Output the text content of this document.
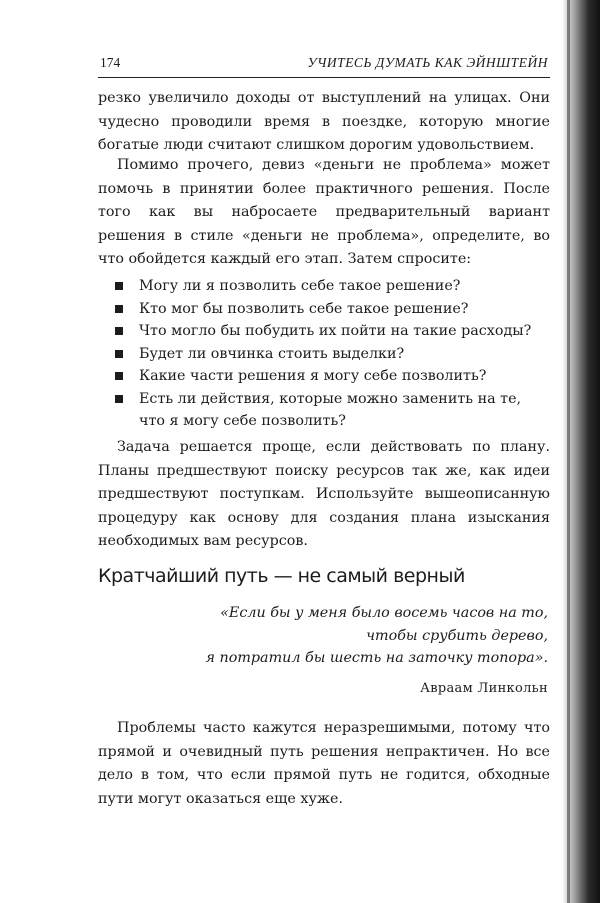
174	УЧИТЕСЬ ДУМАТЬ КАК ЭЙНШТЕЙН

резко увеличило доходы от выступлений на улицах. Они чудесно проводили время в поездке, которую многие богатые люди считают слишком дорогим удовольствием.

Помимо прочего, девиз «деньги не проблема» может помочь в принятии более практичного решения. После того как вы набросаете предварительный вариант решения в стиле «деньги не проблема», определите, во что обойдется каждый его этап. Затем спросите:

Могу ли я позволить себе такое решение?
Кто мог бы позволить себе такое решение?
Что могло бы побудить их пойти на такие расходы?
Будет ли овчинка стоить выделки?
Какие части решения я могу себе позволить?
Есть ли действия, которые можно заменить на те, что я могу себе позволить?

Задача решается проще, если действовать по плану. Планы предшествуют поиску ресурсов так же, как идеи предшествуют поступкам. Используйте вышеописанную процедуру как основу для создания плана изыскания необходимых вам ресурсов.

Кратчайший путь — не самый верный
«Если бы у меня было восемь часов на то,
чтобы срубить дерево,
я потратил бы шесть на заточку топора».
Авраам Линкольн

Проблемы часто кажутся неразрешимыми, потому что прямой и очевидный путь решения непрактичен. Но все дело в том, что если прямой путь не годится, обходные пути могут оказаться еще хуже.
